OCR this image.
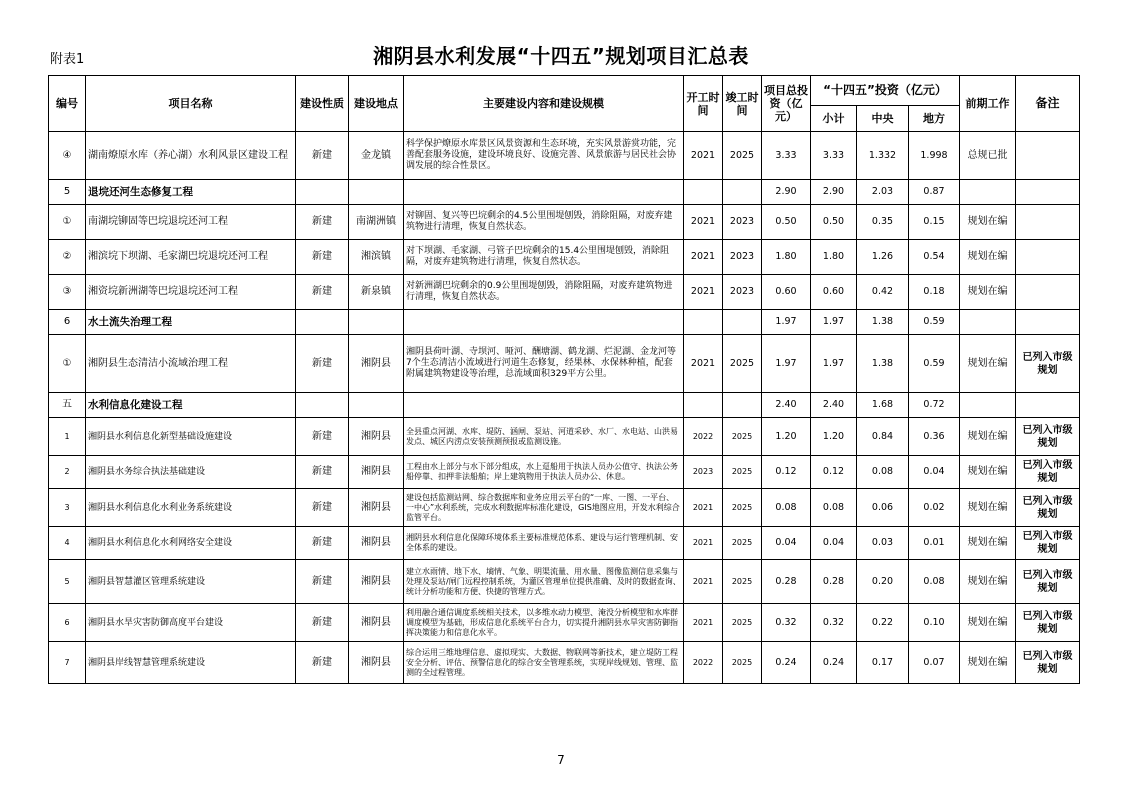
附表1	湘阴县水利发展“十四五”规划项目汇总表
编号	项目名称	建设性质	建设地点	主要建设内容和建设规模	开工时间	竣工时间	项目总投资（亿元）	“十四五”投资（亿元）			前期工作	备注
								小计	中央	地方		
④	湖南燎原水库（养心湖）水利风景区建设工程	新建	金龙镇	科学保护燎原水库景区风景资源和生态环境，充实风景游赏功能，完善配套服务设施，建设环境良好、设施完善、风景旅游与居民社会协调发展的综合性景区。	2021	2025	3.33	3.33	1.332	1.998	总规已批	
5	退垸还河生态修复工程						2.90	2.90	2.03	0.87		
①	南湖垸铆固等巴垸退垸还河工程	新建	南湖洲镇	对铆固、复兴等巴垸剩余的4.5公里围堤刨毁，消除阻隔，对废弃建筑物进行清理，恢复自然状态。	2021	2023	0.50	0.50	0.35	0.15	规划在编	
②	湘滨垸下坝湖、毛家湖巴垸退垸还河工程	新建	湘滨镇	对下坝湖、毛家湖、弓管子巴垸剩余的15.4公里围堤刨毁，消除阻隔，对废弃建筑物进行清理，恢复自然状态。	2021	2023	1.80	1.80	1.26	0.54	规划在编	
③	湘资垸新洲湖等巴垸退垸还河工程	新建	新泉镇	对新洲湖巴垸剩余的0.9公里围堤刨毁，消除阻隔，对废弃建筑物进行清理，恢复自然状态。	2021	2023	0.60	0.60	0.42	0.18	规划在编	
6	水土流失治理工程						1.97	1.97	1.38	0.59		
①	湘阴县生态清洁小流域治理工程	新建	湘阴县	湘阴县荷叶湖、寺坝河、哑河、酬塘湖、鹤龙湖、烂泥湖、金龙河等7个生态清洁小流域进行河道生态修复，经果林、水保林种植，配套附属建筑物建设等治理，总流域面积329平方公里。	2021	2025	1.97	1.97	1.38	0.59	规划在编	已列入市级规划
五	水利信息化建设工程						2.40	2.40	1.68	0.72		
1	湘阴县水利信息化新型基础设施建设	新建	湘阴县	全县重点河湖、水库、堤防、涵闸、泵站、河道采砂、水厂、水电站、山洪易发点、城区内涝点安装预测预报或监测设施。	2022	2025	1.20	1.20	0.84	0.36	规划在编	已列入市级规划
2	湘阴县水务综合执法基础建设	新建	湘阴县	工程由水上部分与水下部分组成，水上趸船用于执法人员办公值守、执法公务船停靠、扣押非法船舶；岸上建筑物用于执法人员办公、休息。	2023	2025	0.12	0.12	0.08	0.04	规划在编	已列入市级规划
3	湘阴县水利信息化水利业务系统建设	新建	湘阴县	建设包括监测站网、综合数据库和业务应用云平台的“一库、一图、一平台、一中心”水利系统，完成水利数据库标准化建设，GIS地图应用，开发水利综合监管平台。	2021	2025	0.08	0.08	0.06	0.02	规划在编	已列入市级规划
4	湘阴县水利信息化水利网络安全建设	新建	湘阴县	湘阴县水利信息化保障环境体系主要标准规范体系、建设与运行管理机制、安全体系的建设。	2021	2025	0.04	0.04	0.03	0.01	规划在编	已列入市级规划
5	湘阴县智慧灌区管理系统建设	新建	湘阴县	建立水雨情、地下水、墒情、气象、明渠流量、用水量、图像监测信息采集与处理及泵站/闸门远程控制系统，为灌区管理单位提供准确、及时的数据查询、统计分析功能和方便、快捷的管理方式。	2021	2025	0.28	0.28	0.20	0.08	规划在编	已列入市级规划
6	湘阴县水旱灾害防御高度平台建设	新建	湘阴县	利用融合通信调度系统相关技术，以多维水动力模型、淹没分析模型和水库群调度模型为基础，形成信息化系统平台合力，切实提升湘阴县水旱灾害防御指挥决策能力和信息化水平。	2021	2025	0.32	0.32	0.22	0.10	规划在编	已列入市级规划
7	湘阴县岸线智慧管理系统建设	新建	湘阴县	综合运用三维地理信息、虚拟现实、大数据、物联网等新技术，建立堤防工程安全分析、评估、预警信息化的综合安全管理系统，实现岸线规划、管理、监测的全过程管理。	2022	2025	0.24	0.24	0.17	0.07	规划在编	已列入市级规划
7
